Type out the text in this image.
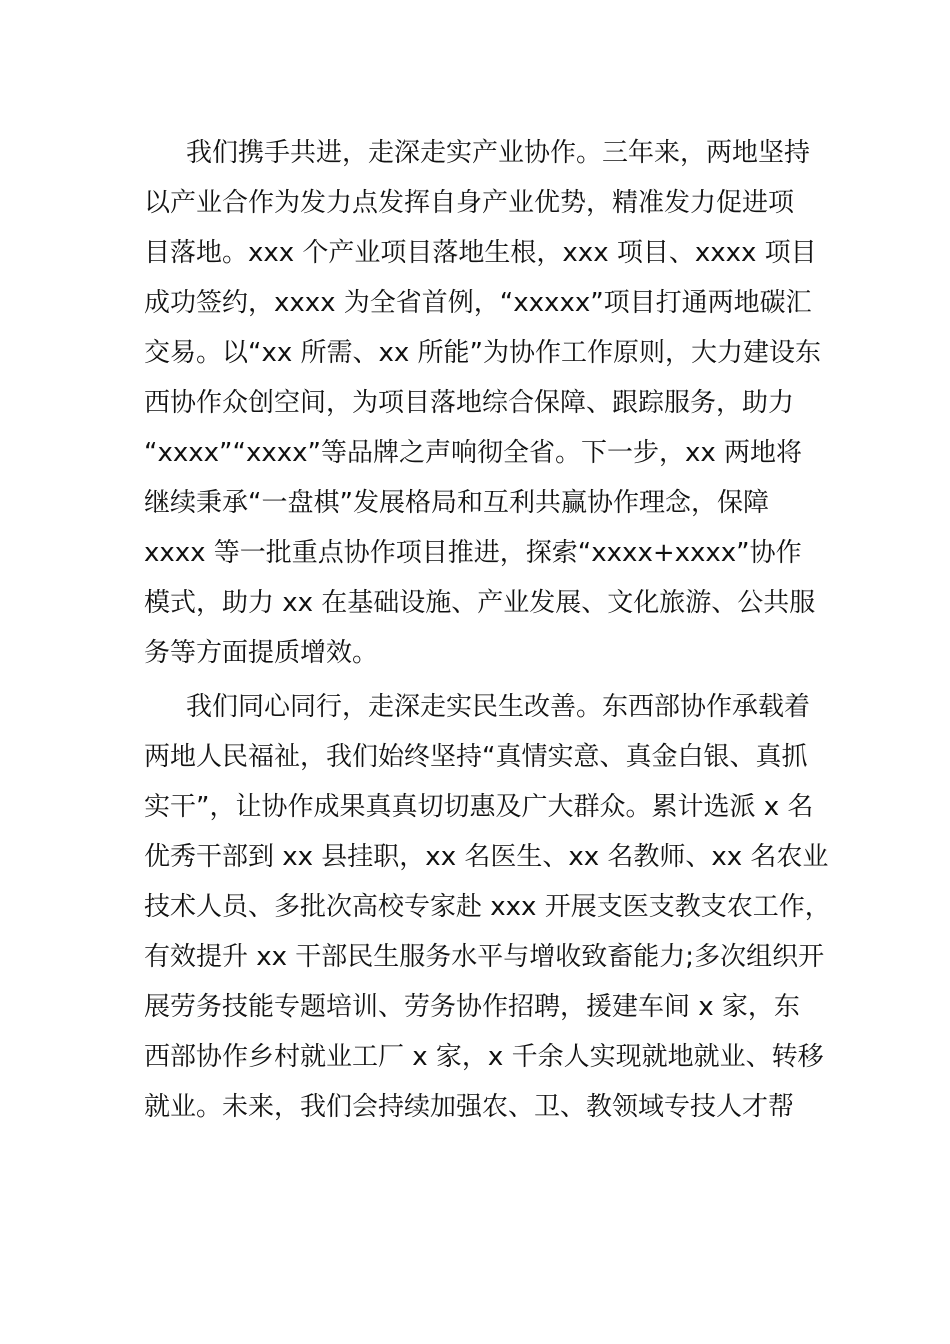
我们携手共进，走深走实产业协作。三年来，两地坚持
以产业合作为发力点发挥自身产业优势，精准发力促进项
目落地。xxx 个产业项目落地生根，xxx 项目、xxxx 项目
成功签约，xxxx 为全省首例，“xxxxx”项目打通两地碳汇
交易。以“xx 所需、xx 所能”为协作工作原则，大力建设东
西协作众创空间，为项目落地综合保障、跟踪服务，助力
“xxxx”“xxxx”等品牌之声响彻全省。下一步，xx 两地将
继续秉承“一盘棋”发展格局和互利共赢协作理念，保障
xxxx 等一批重点协作项目推进，探索“xxxx+xxxx”协作
模式，助力 xx 在基础设施、产业发展、文化旅游、公共服
务等方面提质增效。
我们同心同行，走深走实民生改善。东西部协作承载着
两地人民福祉，我们始终坚持“真情实意、真金白银、真抓
实干”，让协作成果真真切切惠及广大群众。累计选派 x 名
优秀干部到 xx 县挂职，xx 名医生、xx 名教师、xx 名农业
技术人员、多批次高校专家赴 xxx 开展支医支教支农工作，
有效提升 xx 干部民生服务水平与增收致畜能力;多次组织开
展劳务技能专题培训、劳务协作招聘，援建车间 x 家，东
西部协作乡村就业工厂 x 家，x 千余人实现就地就业、转移
就业。未来，我们会持续加强农、卫、教领域专技人才帮
